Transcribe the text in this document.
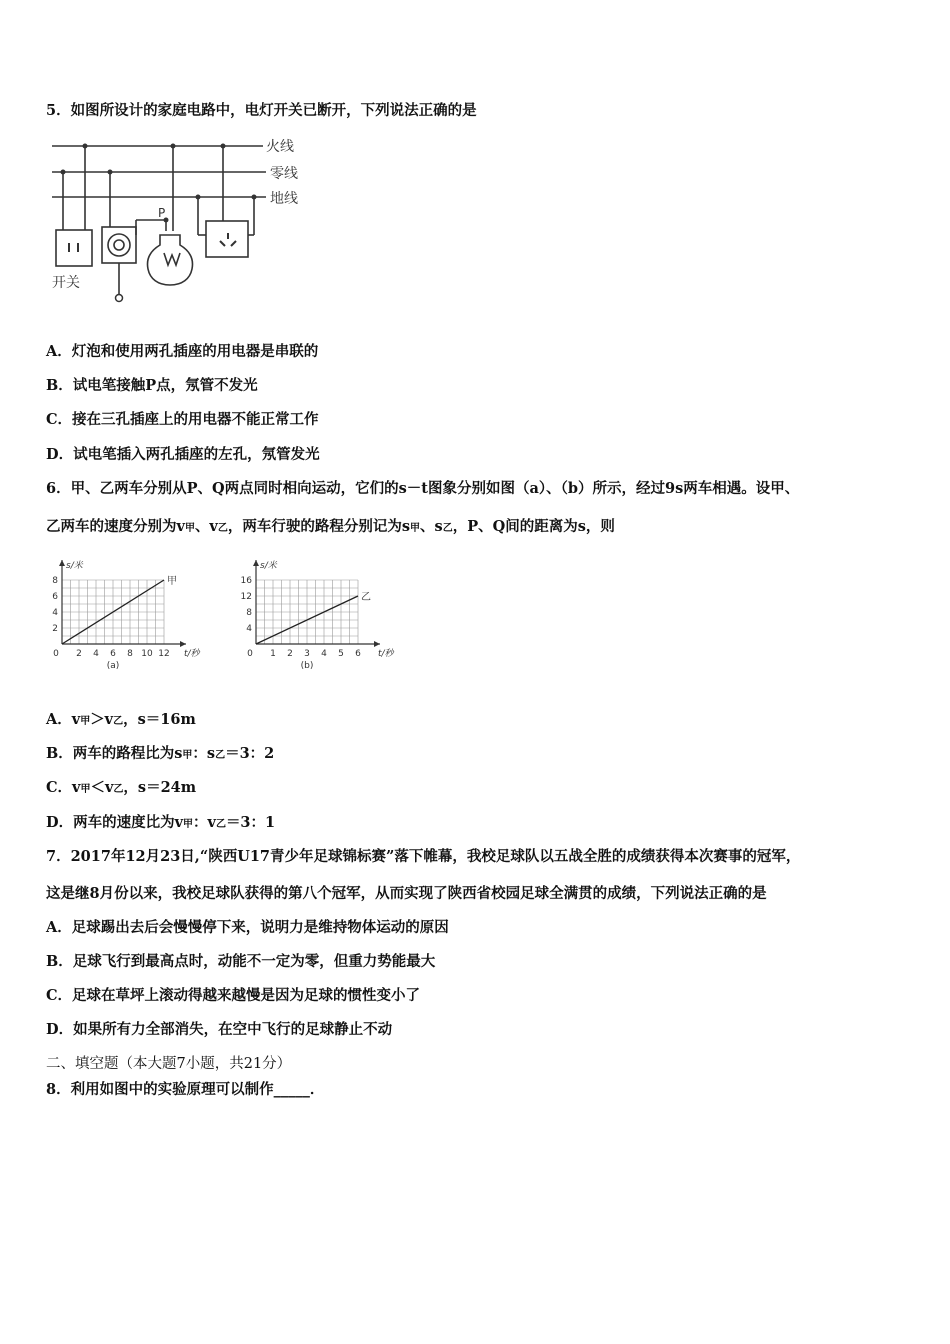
5．如图所设计的家庭电路中，电灯开关已断开，下列说法正确的是
火线
零线
地线
开关
P
A．灯泡和使用两孔插座的用电器是串联的
B．试电笔接触P点，氖管不发光
C．接在三孔插座上的用电器不能正常工作
D．试电笔插入两孔插座的左孔，氖管发光
6．甲、乙两车分别从P、Q两点同时相向运动，它们的s－t图象分别如图（a）、（b）所示，经过9s两车相遇。设甲、
乙两车的速度分别为v甲、v乙，两车行驶的路程分别记为s甲、s乙，P、Q间的距离为s，则
0 2 4 6 8 10 12
2
4
6
8
s/米
t/秒
(a)
甲
0 1 2 3 4 5 6
4
8
12
16
s/米
t/秒
(b)
乙
A．v甲＞v乙，s＝16m
B．两车的路程比为s甲：s乙＝3：2
C．v甲＜v乙，s＝24m
D．两车的速度比为v甲：v乙＝3：1
7．2017年12月23日,“陕西U17青少年足球锦标赛”落下帷幕，我校足球队以五战全胜的成绩获得本次赛事的冠军，
这是继8月份以来，我校足球队获得的第八个冠军，从而实现了陕西省校园足球全满贯的成绩，下列说法正确的是
A．足球踢出去后会慢慢停下来，说明力是维持物体运动的原因
B．足球飞行到最高点时，动能不一定为零，但重力势能最大
C．足球在草坪上滚动得越来越慢是因为足球的惯性变小了
D．如果所有力全部消失，在空中飞行的足球静止不动
二、填空题（本大题7小题，共21分）
8．利用如图中的实验原理可以制作_____．
